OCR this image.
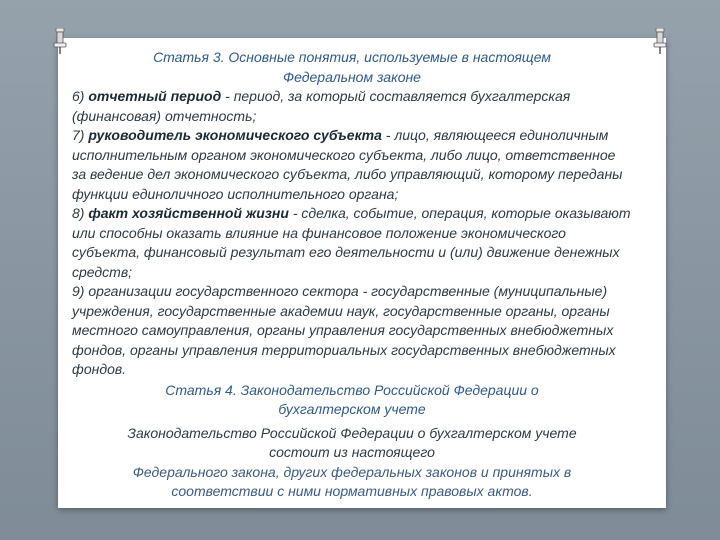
Статья 3. Основные понятия, используемые в настоящем
Федеральном законе

6) отчетный период - период, за который составляется бухгалтерская (финансовая) отчетность;

7) руководитель экономического субъекта - лицо, являющееся единоличным исполнительным органом экономического субъекта, либо лицо, ответственное за ведение дел экономического субъекта, либо управляющий, которому переданы функции единоличного исполнительного органа;

8) факт хозяйственной жизни - сделка, событие, операция, которые оказывают или способны оказать влияние на финансовое положение экономического субъекта, финансовый результат его деятельности и (или) движение денежных средств;

9) организации государственного сектора - государственные (муниципальные) учреждения, государственные академии наук, государственные органы, органы местного самоуправления, органы управления государственных внебюджетных фондов, органы управления территориальных государственных внебюджетных фондов.

Статья 4. Законодательство Российской Федерации о
бухгалтерском учете

Законодательство Российской Федерации о бухгалтерском учете
состоит из настоящего
Федерального закона, других федеральных законов и принятых в
соответствии с ними нормативных правовых актов.
